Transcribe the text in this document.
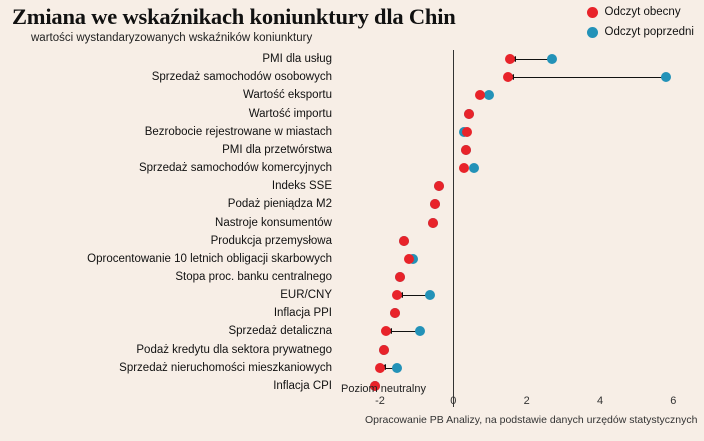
Zmiana we wskaźnikach koniunktury dla Chin
wartości wystandaryzowanych wskaźników koniunktury
Odczyt obecny
Odczyt poprzedni
PMI dla usług
Sprzedaż samochodów osobowych
Wartość eksportu
Wartość importu
Bezrobocie rejestrowane w miastach
PMI dla przetwórstwa
Sprzedaż samochodów komercyjnych
Indeks SSE
Podaż pieniądza M2
Nastroje konsumentów
Produkcja przemysłowa
Oprocentowanie 10 letnich obligacji skarbowych
Stopa proc. banku centralnego
EUR/CNY
Inflacja PPI
Sprzedaż detaliczna
Podaż kredytu dla sektora prywatnego
Sprzedaż nieruchomości mieszkaniowych
Inflacja CPI
-2	0	2	4	6
Poziom neutralny
Opracowanie PB Analizy, na podstawie danych urzędów statystycznych
